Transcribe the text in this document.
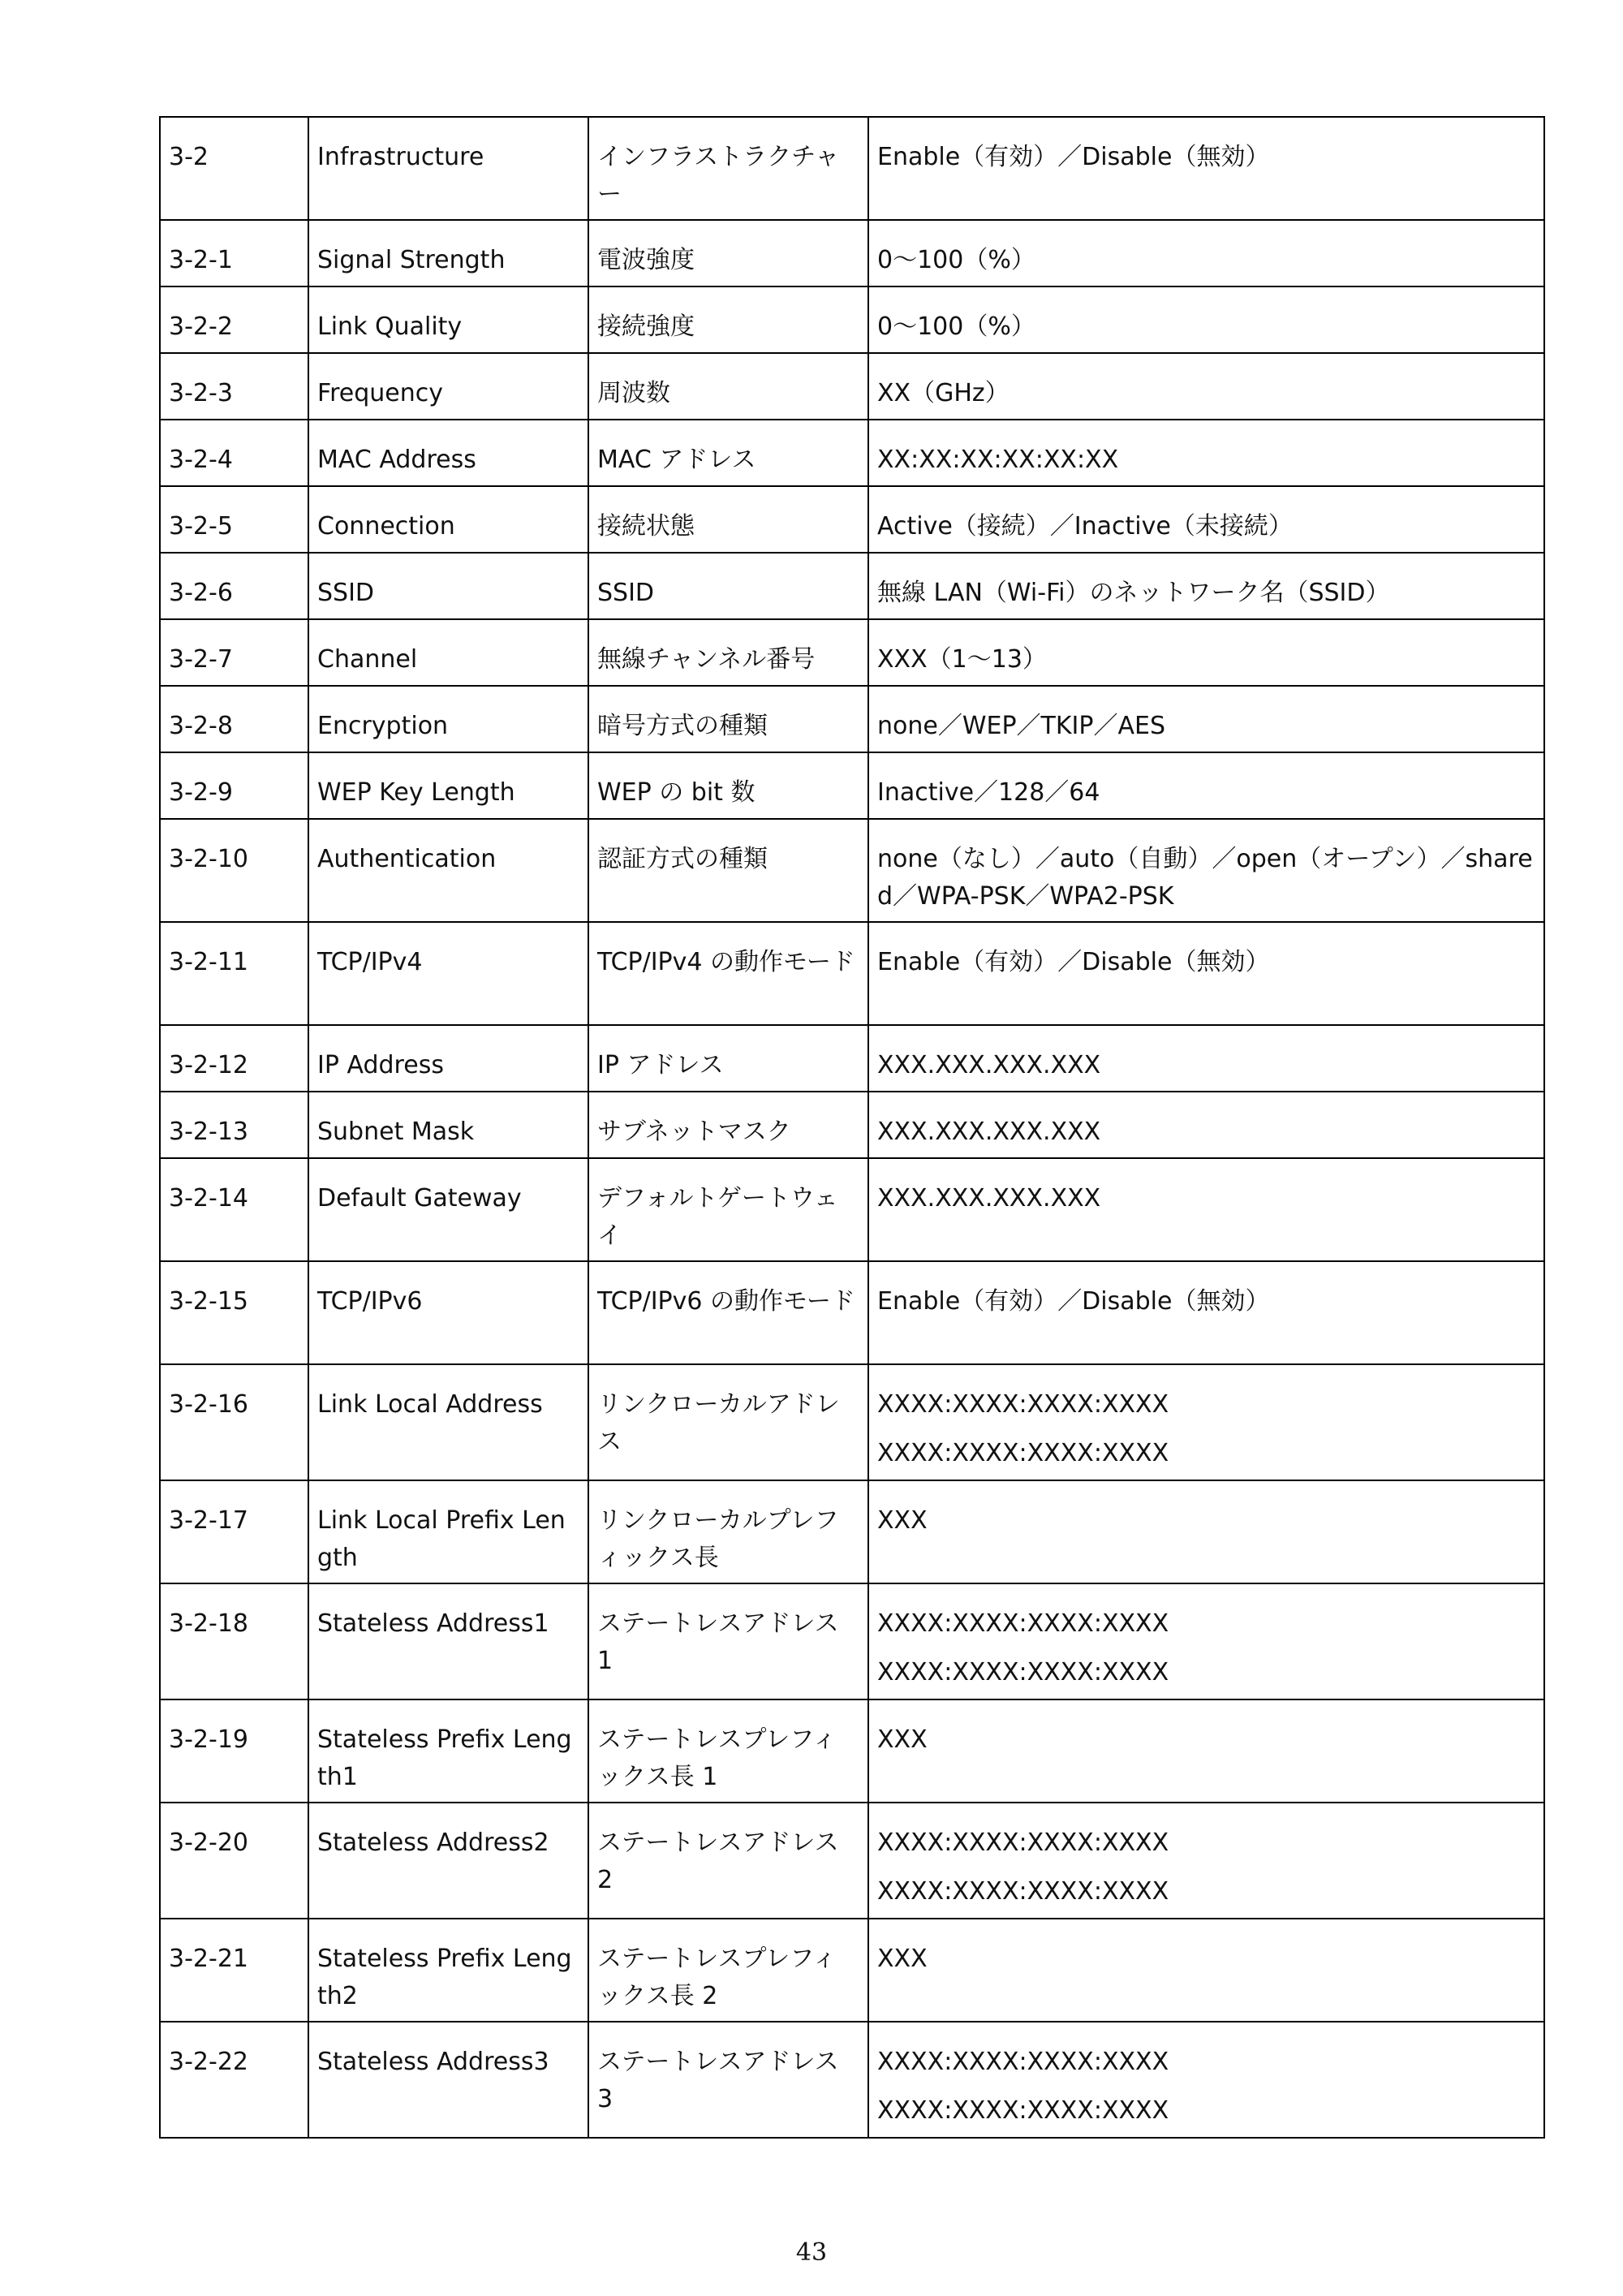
3-2	Infrastructure	インフラストラクチャー	Enable（有効）／Disable（無効）

3-2-1	Signal Strength	電波強度	0～100（%）

3-2-2	Link Quality	接続強度	0～100（%）

3-2-3	Frequency	周波数	XX（GHz）

3-2-4	MAC Address	MAC アドレス	XX:XX:XX:XX:XX:XX

3-2-5	Connection	接続状態	Active（接続）／Inactive（未接続）

3-2-6	SSID	SSID	無線 LAN（Wi-Fi）のネットワーク名（SSID）

3-2-7	Channel	無線チャンネル番号	XXX（1～13）

3-2-8	Encryption	暗号方式の種類	none／WEP／TKIP／AES

3-2-9	WEP Key Length	WEP の bit 数	Inactive／128／64

3-2-10	Authentication	認証方式の種類	none（なし）／auto（自動）／open（オープン）／shared／WPA-PSK／WPA2-PSK

3-2-11	TCP/IPv4	TCP/IPv4 の動作モード	Enable（有効）／Disable（無効）

3-2-12	IP Address	IP アドレス	XXX.XXX.XXX.XXX

3-2-13	Subnet Mask	サブネットマスク	XXX.XXX.XXX.XXX

3-2-14	Default Gateway	デフォルトゲートウェイ	XXX.XXX.XXX.XXX

3-2-15	TCP/IPv6	TCP/IPv6 の動作モード	Enable（有効）／Disable（無効）

3-2-16	Link Local Address	リンクローカルアドレス	XXXX:XXXX:XXXX:XXXX
XXXX:XXXX:XXXX:XXXX

3-2-17	Link Local Prefix Length	リンクローカルプレフィックス長	XXX

3-2-18	Stateless Address1	ステートレスアドレス 1	XXXX:XXXX:XXXX:XXXX
XXXX:XXXX:XXXX:XXXX

3-2-19	Stateless Prefix Length1	ステートレスプレフィックス長 1	XXX

3-2-20	Stateless Address2	ステートレスアドレス 2	XXXX:XXXX:XXXX:XXXX
XXXX:XXXX:XXXX:XXXX

3-2-21	Stateless Prefix Length2	ステートレスプレフィックス長 2	XXX

3-2-22	Stateless Address3	ステートレスアドレス 3	XXXX:XXXX:XXXX:XXXX
XXXX:XXXX:XXXX:XXXX
43
